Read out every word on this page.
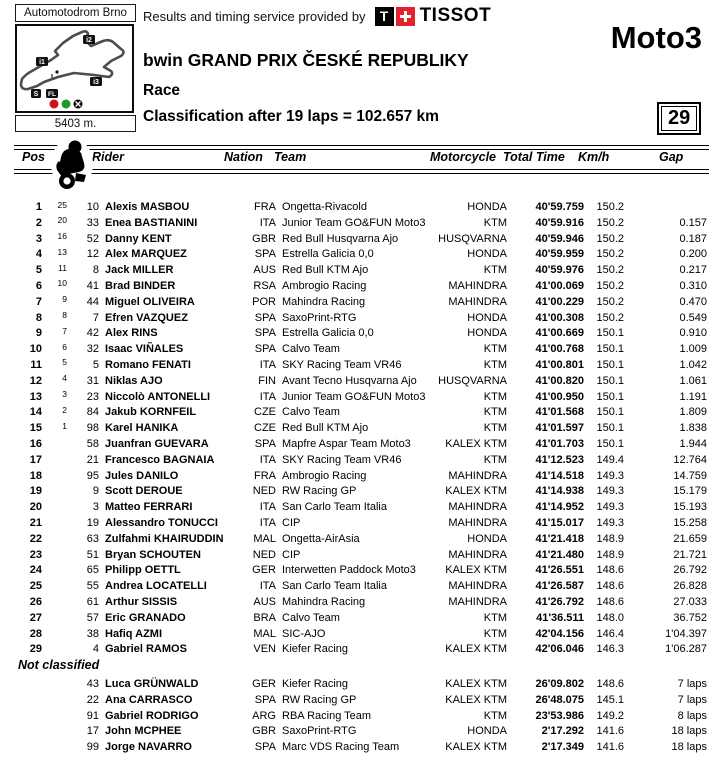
Automotodrom Brno
i1
i2
i3
S FL
5403 m.
Results and timing service provided by	T TISSOT
Moto3
bwin GRAND PRIX ČESKÉ REPUBLIKY
Race
Classification after 19 laps = 102.657 km	29
Pos	Rider	Nation Team	Motorcycle Total Time Km/h	Gap
1	25	10 Alexis MASBOU	FRA Ongetta-Rivacold	HONDA	40'59.759	150.2
2	20	33 Enea BASTIANINI	ITA Junior Team GO&FUN Moto3	KTM	40'59.916	150.2	0.157
3	16	52 Danny KENT	GBR Red Bull Husqvarna Ajo	HUSQVARNA	40'59.946	150.2	0.187
4	13	12 Alex MARQUEZ	SPA Estrella Galicia 0,0	HONDA	40'59.959	150.2	0.200
5	11	8 Jack MILLER	AUS Red Bull KTM Ajo	KTM	40'59.976	150.2	0.217
6	10	41 Brad BINDER	RSA Ambrogio Racing	MAHINDRA	41'00.069	150.2	0.310
7	9	44 Miguel OLIVEIRA	POR Mahindra Racing	MAHINDRA	41'00.229	150.2	0.470
8	8	7 Efren VAZQUEZ	SPA SaxoPrint-RTG	HONDA	41'00.308	150.2	0.549
9	7	42 Alex RINS	SPA Estrella Galicia 0,0	HONDA	41'00.669	150.1	0.910
10	6	32 Isaac VIÑALES	SPA Calvo Team	KTM	41'00.768	150.1	1.009
11	5	5 Romano FENATI	ITA SKY Racing Team VR46	KTM	41'00.801	150.1	1.042
12	4	31 Niklas AJO	FIN Avant Tecno Husqvarna Ajo	HUSQVARNA	41'00.820	150.1	1.061
13	3	23 Niccolò ANTONELLI	ITA Junior Team GO&FUN Moto3	KTM	41'00.950	150.1	1.191
14	2	84 Jakub KORNFEIL	CZE Calvo Team	KTM	41'01.568	150.1	1.809
15	1	98 Karel HANIKA	CZE Red Bull KTM Ajo	KTM	41'01.597	150.1	1.838
16	58 Juanfran GUEVARA	SPA Mapfre Aspar Team Moto3	KALEX KTM	41'01.703	150.1	1.944
17	21 Francesco BAGNAIA	ITA SKY Racing Team VR46	KTM	41'12.523	149.4	12.764
18	95 Jules DANILO	FRA Ambrogio Racing	MAHINDRA	41'14.518	149.3	14.759
19	9 Scott DEROUE	NED RW Racing GP	KALEX KTM	41'14.938	149.3	15.179
20	3 Matteo FERRARI	ITA San Carlo Team Italia	MAHINDRA	41'14.952	149.3	15.193
21	19 Alessandro TONUCCI	ITA CIP	MAHINDRA	41'15.017	149.3	15.258
22	63 Zulfahmi KHAIRUDDIN	MAL Ongetta-AirAsia	HONDA	41'21.418	148.9	21.659
23	51 Bryan SCHOUTEN	NED CIP	MAHINDRA	41'21.480	148.9	21.721
24	65 Philipp OETTL	GER Interwetten Paddock Moto3	KALEX KTM	41'26.551	148.6	26.792
25	55 Andrea LOCATELLI	ITA San Carlo Team Italia	MAHINDRA	41'26.587	148.6	26.828
26	61 Arthur SISSIS	AUS Mahindra Racing	MAHINDRA	41'26.792	148.6	27.033
27	57 Eric GRANADO	BRA Calvo Team	KTM	41'36.511	148.0	36.752
28	38 Hafiq AZMI	MAL SIC-AJO	KTM	42'04.156	146.4	1'04.397
29	4 Gabriel RAMOS	VEN Kiefer Racing	KALEX KTM	42'06.046	146.3	1'06.287
Not classified
43 Luca GRÜNWALD	GER Kiefer Racing	KALEX KTM	26'09.802	148.6	7 laps
22 Ana CARRASCO	SPA RW Racing GP	KALEX KTM	26'48.075	145.1	7 laps
91 Gabriel RODRIGO	ARG RBA Racing Team	KTM	23'53.986	149.2	8 laps
17 John MCPHEE	GBR SaxoPrint-RTG	HONDA	2'17.292	141.6	18 laps
99 Jorge NAVARRO	SPA Marc VDS Racing Team	KALEX KTM	2'17.349	141.6	18 laps
